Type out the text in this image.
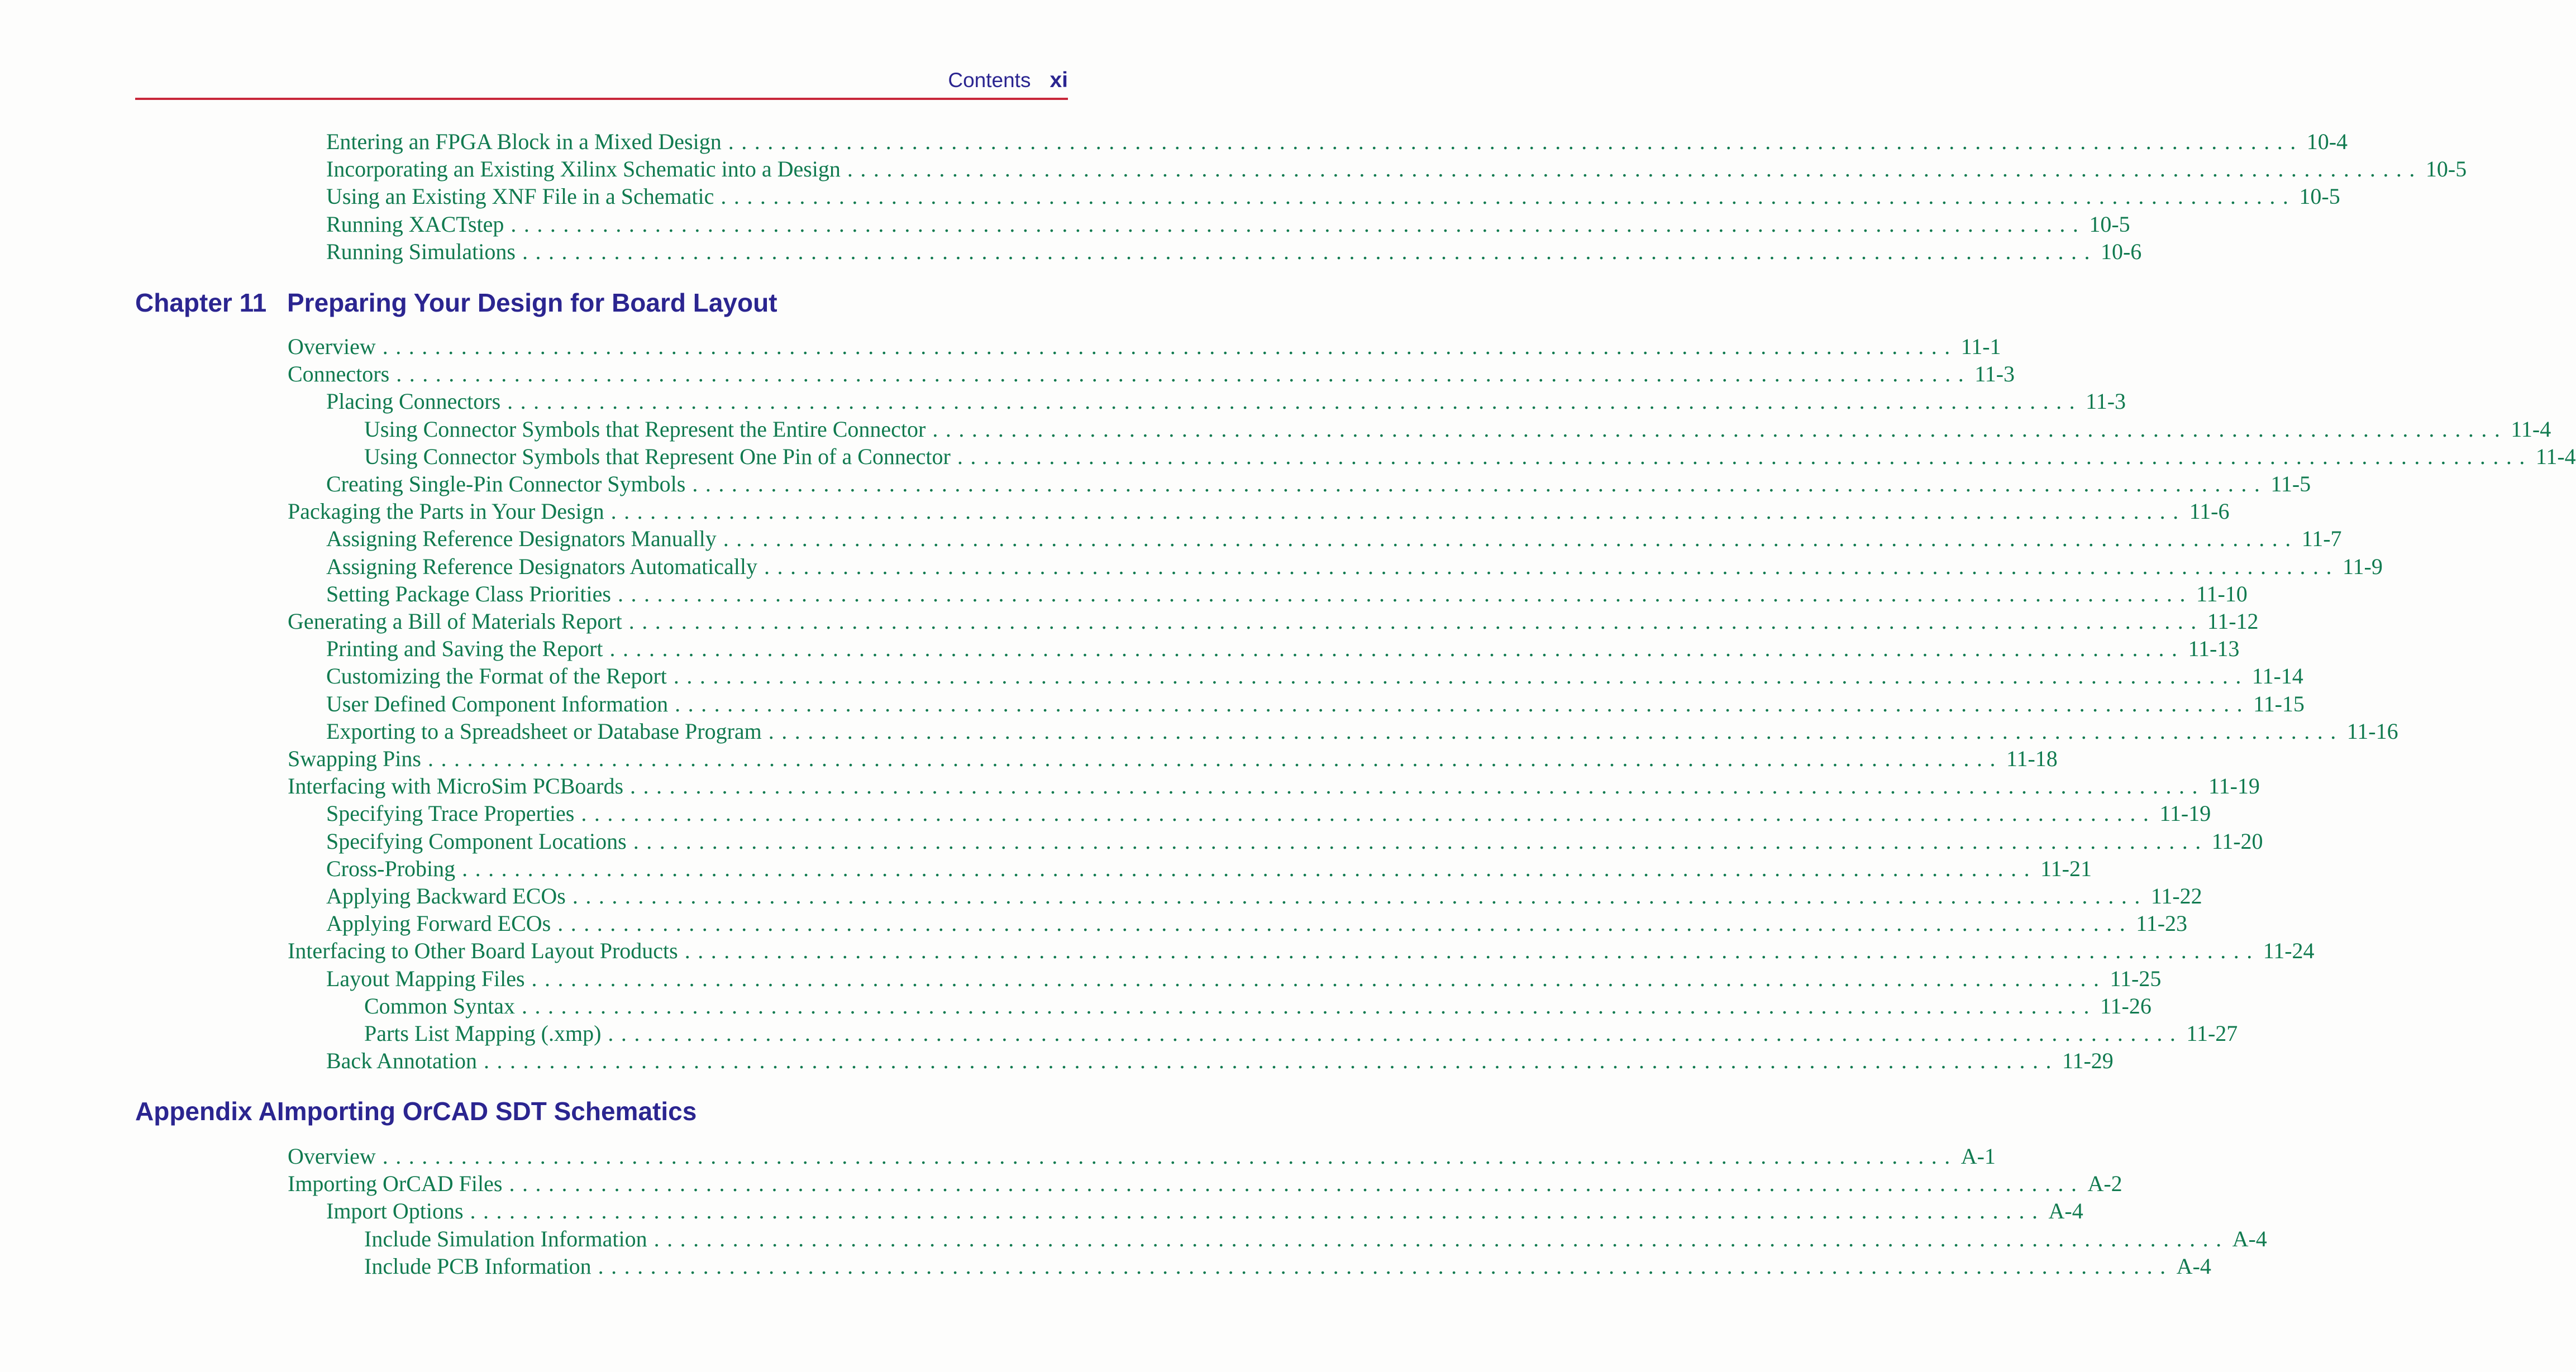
Contents xi
Chapter 11 Preparing Your Design for Board Layout
Appendix AImporting OrCAD SDT Schematics
Entering an FPGA Block in a Mixed Design ........................................................................................................................ 10-4
Incorporating an Existing Xilinx Schematic into a Design ........................................................................................................................ 10-5
Using an Existing XNF File in a Schematic ........................................................................................................................ 10-5
Running XACTstep ........................................................................................................................ 10-5
Running Simulations ........................................................................................................................ 10-6
Overview ........................................................................................................................ 11-1
Connectors ........................................................................................................................ 11-3
Placing Connectors ........................................................................................................................ 11-3
Using Connector Symbols that Represent the Entire Connector ........................................................................................................................ 11-4
Using Connector Symbols that Represent One Pin of a Connector ........................................................................................................................ 11-4
Creating Single-Pin Connector Symbols ........................................................................................................................ 11-5
Packaging the Parts in Your Design ........................................................................................................................ 11-6
Assigning Reference Designators Manually ........................................................................................................................ 11-7
Assigning Reference Designators Automatically ........................................................................................................................ 11-9
Setting Package Class Priorities ........................................................................................................................ 11-10
Generating a Bill of Materials Report ........................................................................................................................ 11-12
Printing and Saving the Report ........................................................................................................................ 11-13
Customizing the Format of the Report ........................................................................................................................ 11-14
User Defined Component Information ........................................................................................................................ 11-15
Exporting to a Spreadsheet or Database Program ........................................................................................................................ 11-16
Swapping Pins ........................................................................................................................ 11-18
Interfacing with MicroSim PCBoards ........................................................................................................................ 11-19
Specifying Trace Properties ........................................................................................................................ 11-19
Specifying Component Locations ........................................................................................................................ 11-20
Cross-Probing ........................................................................................................................ 11-21
Applying Backward ECOs ........................................................................................................................ 11-22
Applying Forward ECOs ........................................................................................................................ 11-23
Interfacing to Other Board Layout Products ........................................................................................................................ 11-24
Layout Mapping Files ........................................................................................................................ 11-25
Common Syntax ........................................................................................................................ 11-26
Parts List Mapping (.xmp) ........................................................................................................................ 11-27
Back Annotation ........................................................................................................................ 11-29
Overview ........................................................................................................................ A-1
Importing OrCAD Files ........................................................................................................................ A-2
Import Options ........................................................................................................................ A-4
Include Simulation Information ........................................................................................................................ A-4
Include PCB Information ........................................................................................................................ A-4
